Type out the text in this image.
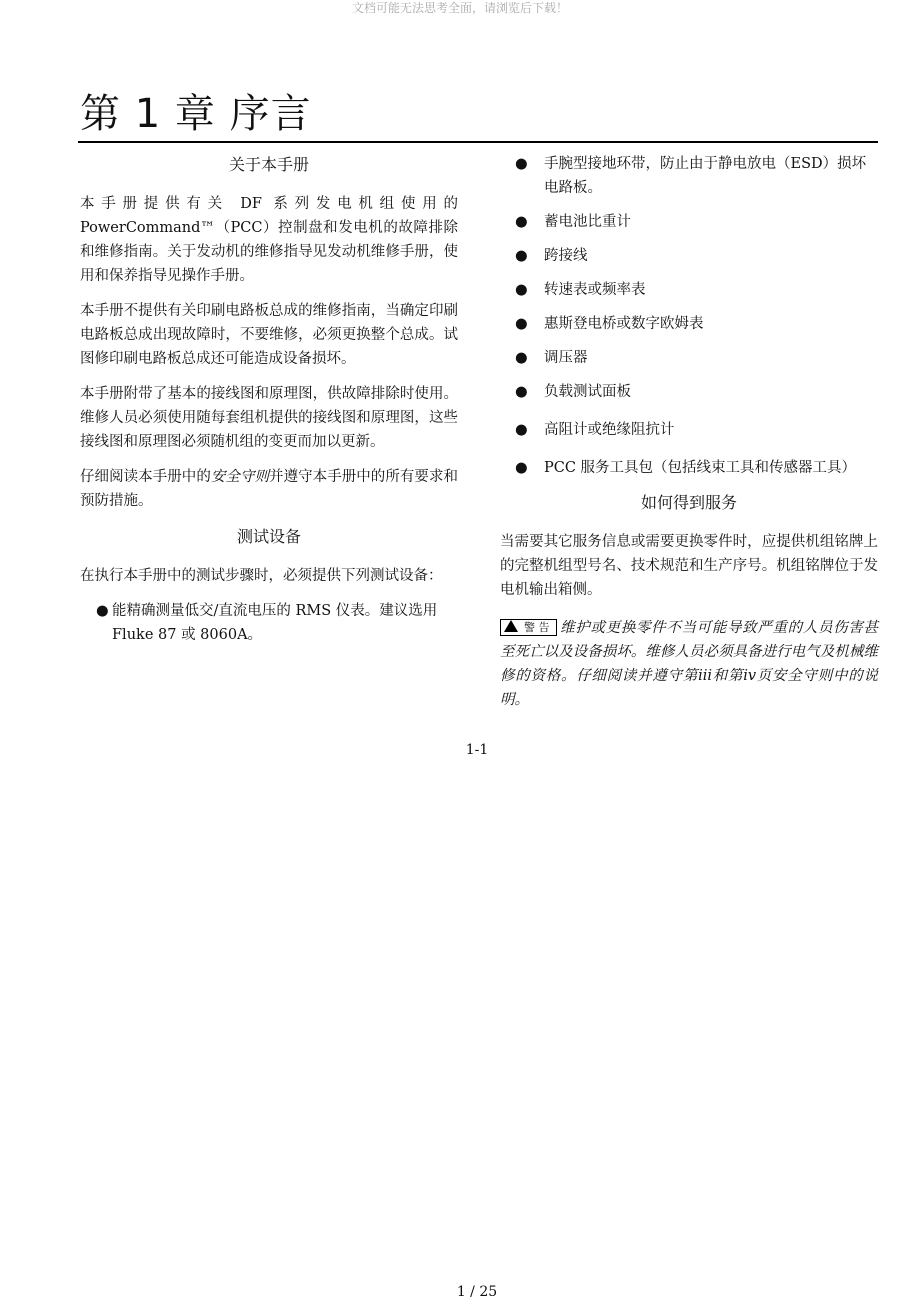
文档可能无法思考全面，请浏览后下载！
第 1 章 序言
关于本手册

本手册提供有关 DF 系列发电机组使用的 PowerCommand™（PCC）控制盘和发电机的故障排除和维修指南。关于发动机的维修指导见发动机维修手册，使用和保养指导见操作手册。

本手册不提供有关印刷电路板总成的维修指南，当确定印刷电路板总成出现故障时，不要维修，必须更换整个总成。试图修印刷电路板总成还可能造成设备损坏。

本手册附带了基本的接线图和原理图，供故障排除时使用。维修人员必须使用随每套组机提供的接线图和原理图，这些接线图和原理图必须随机组的变更而加以更新。

仔细阅读本手册中的安全守则并遵守本手册中的所有要求和预防措施。

测试设备

在执行本手册中的测试步骤时，必须提供下列测试设备：

● 能精确测量低交/直流电压的 RMS 仪表。建议选用 Fluke 87 或 8060A。
● 手腕型接地环带，防止由于静电放电（ESD）损坏电路板。
● 蓄电池比重计
● 跨接线
● 转速表或频率表
● 惠斯登电桥或数字欧姆表
● 调压器
● 负载测试面板
● 高阻计或绝缘阻抗计
● PCC 服务工具包（包括线束工具和传感器工具）
如何得到服务

当需要其它服务信息或需要更换零件时，应提供机组铭牌上的完整机组型号名、技术规范和生产序号。机组铭牌位于发电机输出箱侧。

警 告 维护或更换零件不当可能导致严重的人员伤害甚至死亡以及设备损坏。维修人员必须具备进行电气及机械维修的资格。仔细阅读并遵守第iii和第iv页安全守则中的说明。

1-1
1 / 25
